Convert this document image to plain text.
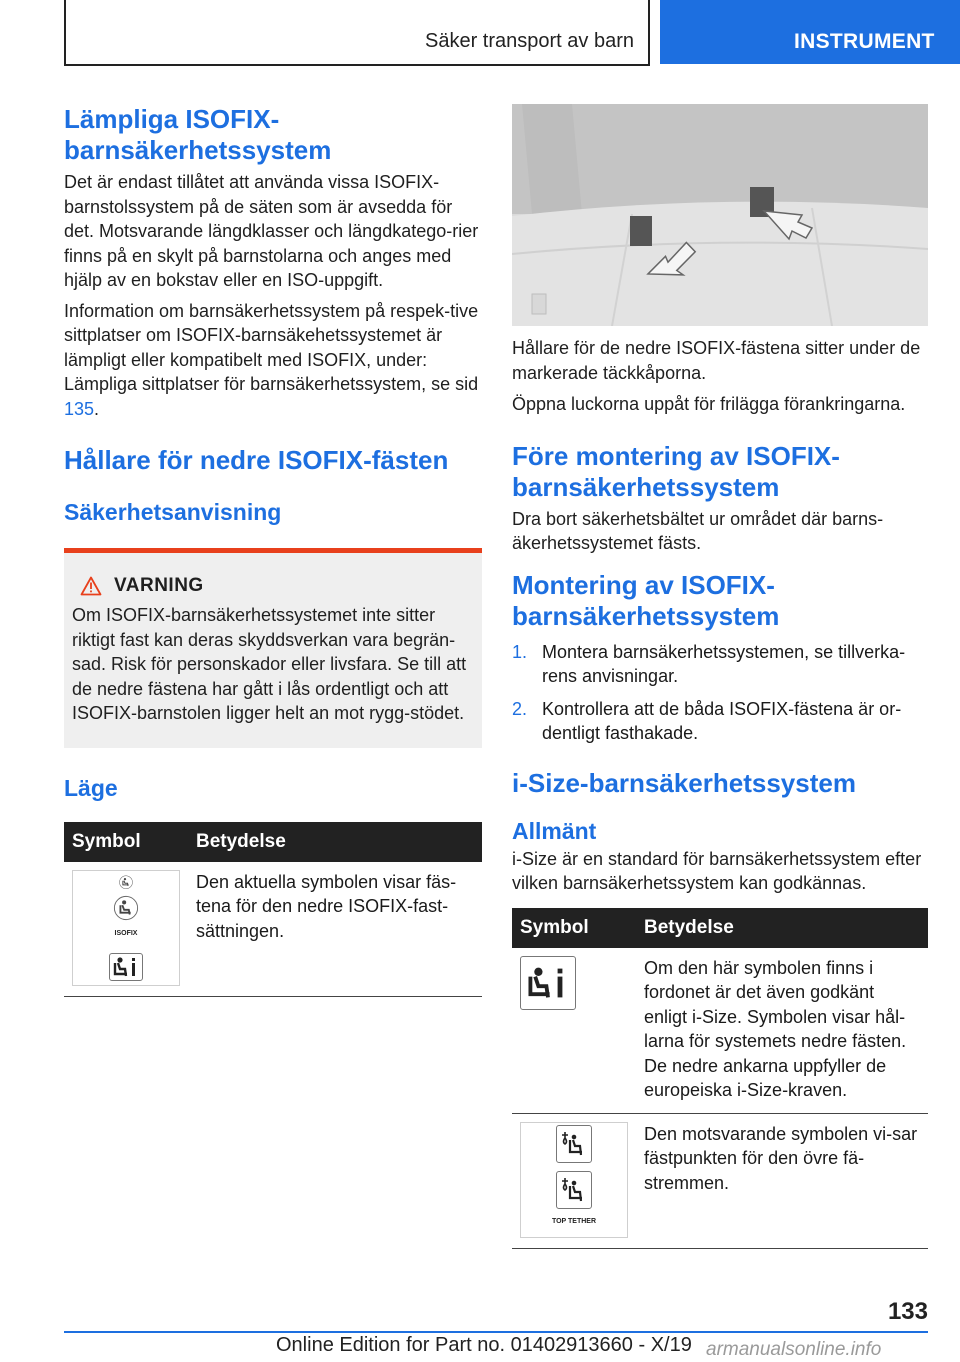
Säker transport av barn	INSTRUMENT
Lämpliga ISOFIX-barnsäkerhetssystem

Det är endast tillåtet att använda vissa ISOFIX-barnstolssystem på de säten som är avsedda för det. Motsvarande längdklasser och längdkatego-rier finns på en skylt på barnstolarna och anges med hjälp av en bokstav eller en ISO-uppgift.

Information om barnsäkerhetssystem på respek-tive sittplatser om ISOFIX-barnsäkehetssystemet är lämpligt eller kompatibelt med ISOFIX, under: Lämpliga sittplatser för barnsäkerhetssystem, se sid 135.

Hållare för nedre ISOFIX-fästen
Säkerhetsanvisning
VARNING

Om ISOFIX-barnsäkerhetssystemet inte sitter riktigt fast kan deras skyddsverkan vara begrän-sad. Risk för personskador eller livsfara. Se till att de nedre fästena har gått i lås ordentligt och att ISOFIX-barnstolen ligger helt an mot rygg-stödet.

Läge
Symbol	Betydelse

ISOFIX	Den aktuella symbolen visar fäs-tena för den nedre ISOFIX-fast-sättningen.

Hållare för de nedre ISOFIX-fästena sitter under de markerade täckkåporna.

Öppna luckorna uppåt för frilägga förankringarna.

Före montering av ISOFIX-barnsäkerhetssystem

Dra bort säkerhetsbältet ur området där barns-äkerhetssystemet fästs.

Montering av ISOFIX-barnsäkerhetssystem
1. Montera barnsäkerhetssystemen, se tillverka-rens anvisningar.
2. Kontrollera att de båda ISOFIX-fästena är or-dentligt fasthakade.
i-Size-barnsäkerhetssystem
Allmänt

i-Size är en standard för barnsäkerhetssystem efter vilken barnsäkerhetssystem kan godkännas.

Symbol	Betydelse

	Om den här symbolen finns i fordonet är det även godkänt enligt i-Size. Symbolen visar hål-larna för systemets nedre fästen. De nedre ankarna uppfyller de europeiska i-Size-kraven.

TOP TETHER	Den motsvarande symbolen vi-sar fästpunkten för den övre fä-stremmen.
133
Online Edition for Part no. 01402913660 - X/19 armanualsonline.info
